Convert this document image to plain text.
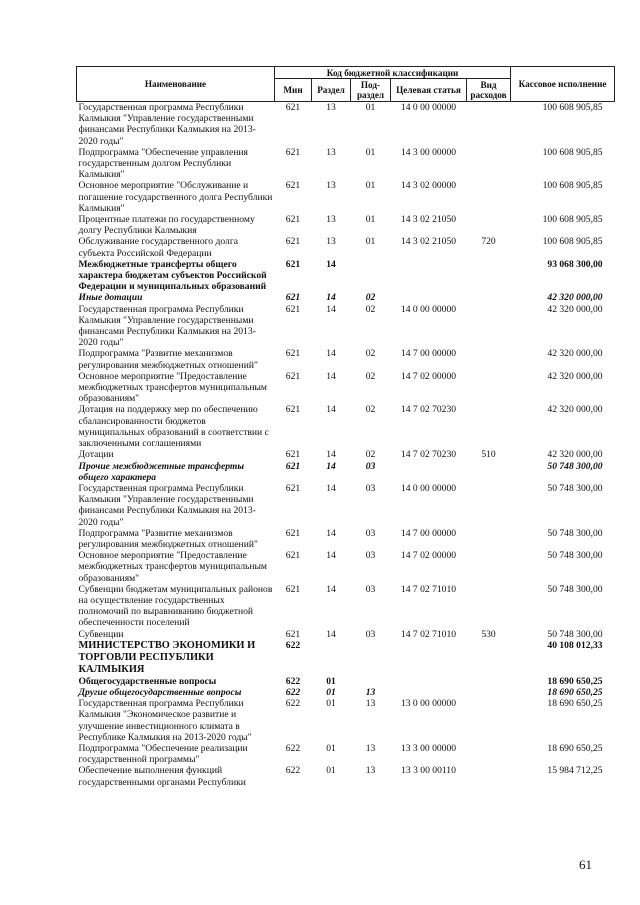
Наименование	Код бюджетной классификации					Кассовое исполнение
	Мин	Раздел	Под-раздел	Целевая статья	Вид расходов	
Государственная программа Республики Калмыкия "Управление государственными финансами Республики Калмыкия на 2013-2020 годы"	621	13	01	14 0 00 00000		100 608 905,85
Подпрограмма "Обеспечение управления государственным долгом Республики Калмыкия"	621	13	01	14 3 00 00000		100 608 905,85
Основное мероприятие "Обслуживание и погашение государственного долга Республики Калмыкия"	621	13	01	14 3 02 00000		100 608 905,85
Процентные платежи по государственному долгу Республики Калмыкия	621	13	01	14 3 02 21050		100 608 905,85
Обслуживание государственного долга субъекта Российской Федерации	621	13	01	14 3 02 21050	720	100 608 905,85
Межбюджетные трансферты общего характера бюджетам субъектов Российской Федерации и муниципальных образований	621	14				93 068 300,00
Иные дотации	621	14	02			42 320 000,00
Государственная программа Республики Калмыкия "Управление государственными финансами Республики Калмыкия на 2013-2020 годы"	621	14	02	14 0 00 00000		42 320 000,00
Подпрограмма "Развитие механизмов регулирования межбюджетных отношений"	621	14	02	14 7 00 00000		42 320 000,00
Основное мероприятие "Предоставление межбюджетных трансфертов муниципальным образованиям"	621	14	02	14 7 02 00000		42 320 000,00
Дотация на поддержку мер по обеспечению сбалансированности бюджетов муниципальных образований в соответствии с заключенными соглашениями	621	14	02	14 7 02 70230		42 320 000,00
Дотации	621	14	02	14 7 02 70230	510	42 320 000,00
Прочие межбюджетные трансферты общего характера	621	14	03			50 748 300,00
Государственная программа Республики Калмыкия "Управление государственными финансами Республики Калмыкия на 2013-2020 годы"	621	14	03	14 0 00 00000		50 748 300,00
Подпрограмма "Развитие механизмов регулирования межбюджетных отношений"	621	14	03	14 7 00 00000		50 748 300,00
Основное мероприятие "Предоставление межбюджетных трансфертов муниципальным образованиям"	621	14	03	14 7 02 00000		50 748 300,00
Субвенции бюджетам муниципальных районов на осуществление государственных полномочий по выравниванию бюджетной обеспеченности поселений	621	14	03	14 7 02 71010		50 748 300,00
Субвенции	621	14	03	14 7 02 71010	530	50 748 300,00
МИНИСТЕРСТВО ЭКОНОМИКИ И ТОРГОВЛИ РЕСПУБЛИКИ КАЛМЫКИЯ	622					40 108 012,33
Общегосударственные вопросы	622	01				18 690 650,25
Другие общегосударственные вопросы	622	01	13			18 690 650,25
Государственная программа Республики Калмыкия "Экономическое развитие и улучшение инвестиционного климата в Республике Калмыкия на 2013-2020 годы"	622	01	13	13 0 00 00000		18 690 650,25
Подпрограмма "Обеспечение реализации государственной программы"	622	01	13	13 3 00 00000		18 690 650,25
Обеспечение выполнения функций государственными органами Республики	622	01	13	13 3 00 00110		15 984 712,25
61
